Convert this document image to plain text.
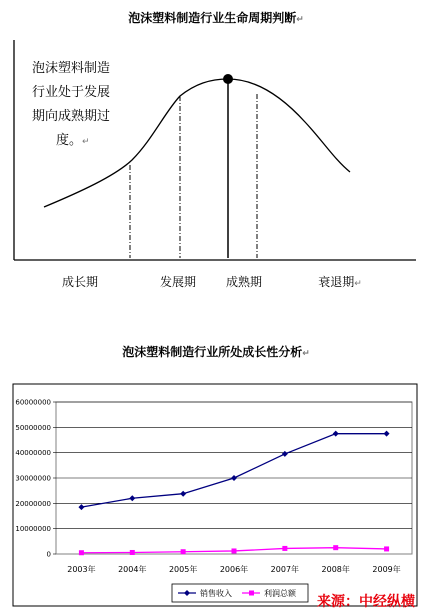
泡沫塑料制造行业生命周期判断↵
泡沫塑料制造
行业处于发展
期向成熟期过
度。↵
成长期	发展期 成熟期	衰退期↵
泡沫塑料制造行业所处成长性分析↵
0
10000000
20000000
30000000
40000000
50000000
60000000
2003年	2004年	2005年	2006年	2007年	2008年	2009年
销售收入	利润总额
来源：中经纵横
